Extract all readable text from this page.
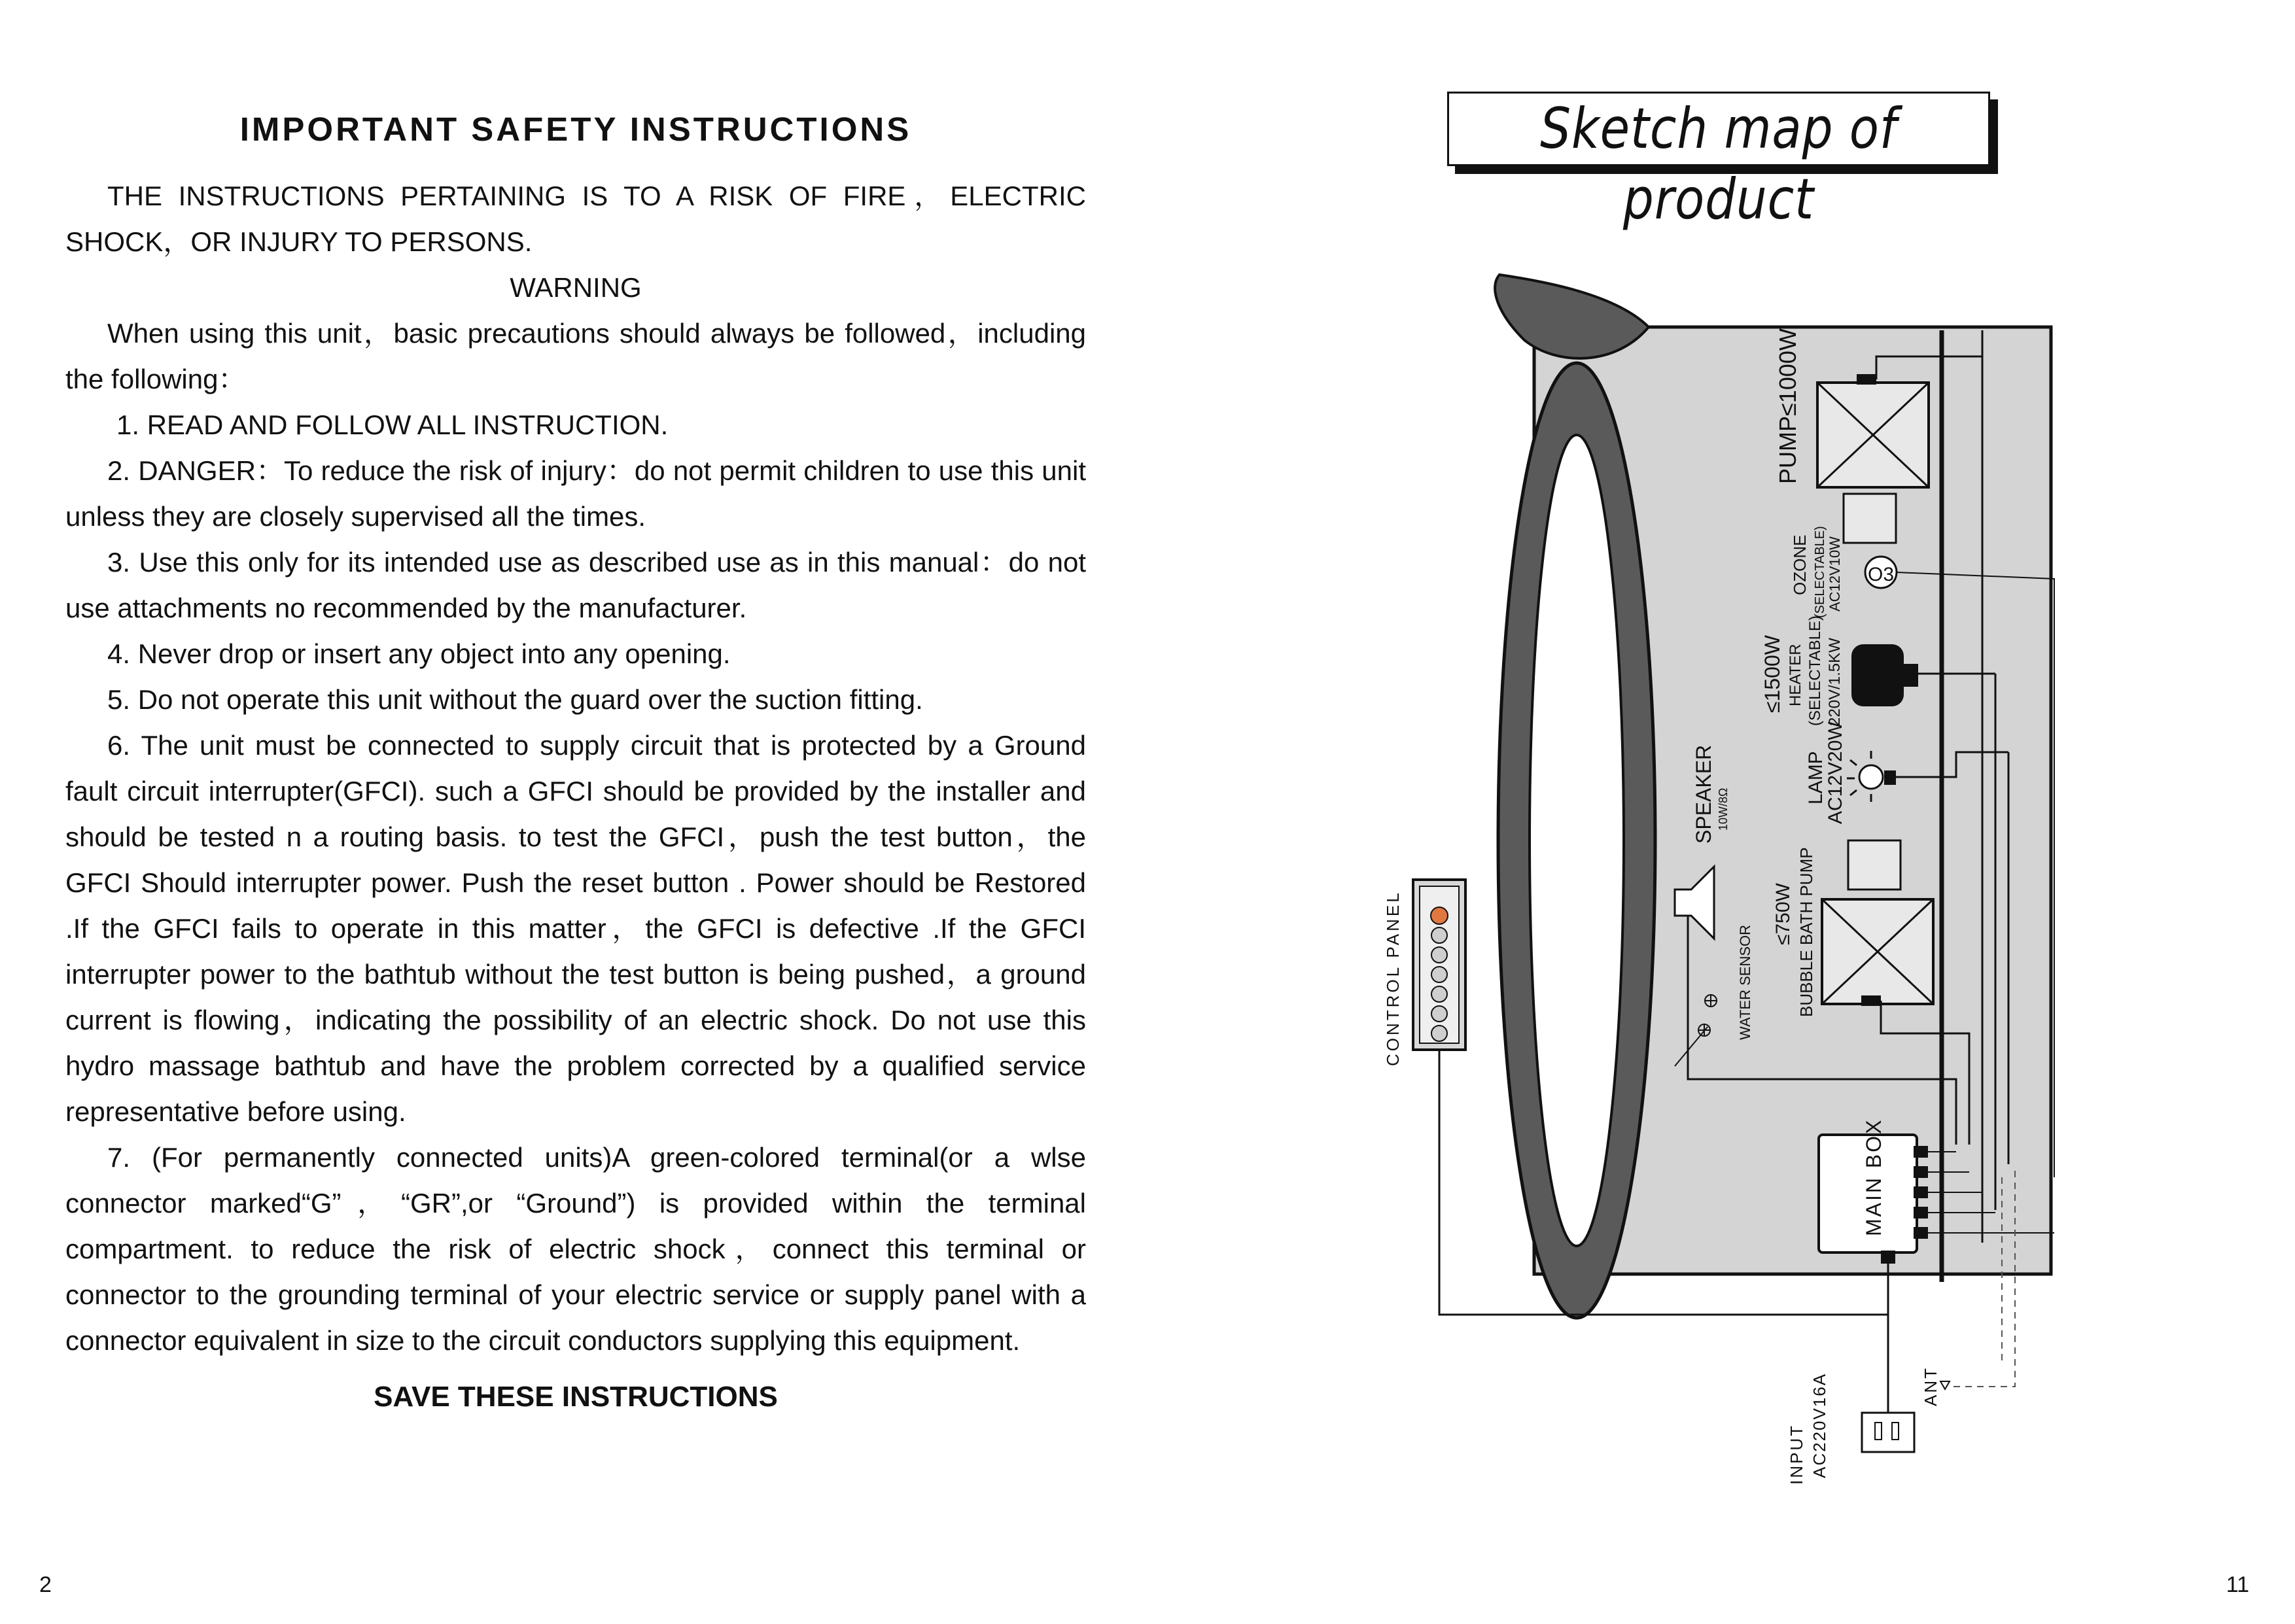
IMPORTANT SAFETY INSTRUCTIONS

THE INSTRUCTIONS PERTAINING IS TO A RISK OF FIRE，ELECTRIC SHOCK，OR INJURY TO PERSONS.

WARNING

When using this unit，basic precautions should always be followed，including the following：

1. READ AND FOLLOW ALL INSTRUCTION.

2. DANGER：To reduce the risk of injury：do not permit children to use this unit unless they are closely supervised all the times.

3. Use this only for its intended use as described use as in this manual：do not use attachments no recommended by the manufacturer.

4. Never drop or insert any object into any opening.

5. Do not operate this unit without the guard over the suction fitting.

6. The unit must be connected to supply circuit that is protected by a Ground fault circuit interrupter(GFCI). such a GFCI should be provided by the installer and should be tested n a routing basis. to test the GFCI，push the test button，the GFCI Should interrupter power. Push the reset button . Power should be Restored .If the GFCI fails to operate in this matter，the GFCI is defective .If the GFCI interrupter power to the bathtub without the test button is being pushed，a ground current is flowing，indicating the possibility of an electric shock. Do not use this hydro massage bathtub and have the problem corrected by a qualified service representative before using.

7. (For permanently connected units)A green-colored terminal(or a wlse connector marked“G”，“GR”,or “Ground”) is provided within the terminal compartment. to reduce the risk of electric shock，connect this terminal or connector to the grounding terminal of your electric service or supply panel with a connector equivalent in size to the circuit conductors supplying this equipment.

SAVE THESE INSTRUCTIONS
2
Sketch map of product
O3
PUMP≤1000W
OZONE (SELECTABLE) AC12V10W
≤1500W HEATER (SELECTABLE) 220V/1.5KW
LAMP
AC12V20W
SPEAKER 10W/8Ω
≤750W BUBBLE BATH PUMP
WATER SENSOR
CONTROL PANEL
MAIN BOX
INPUT AC220V16A	ANT
11
